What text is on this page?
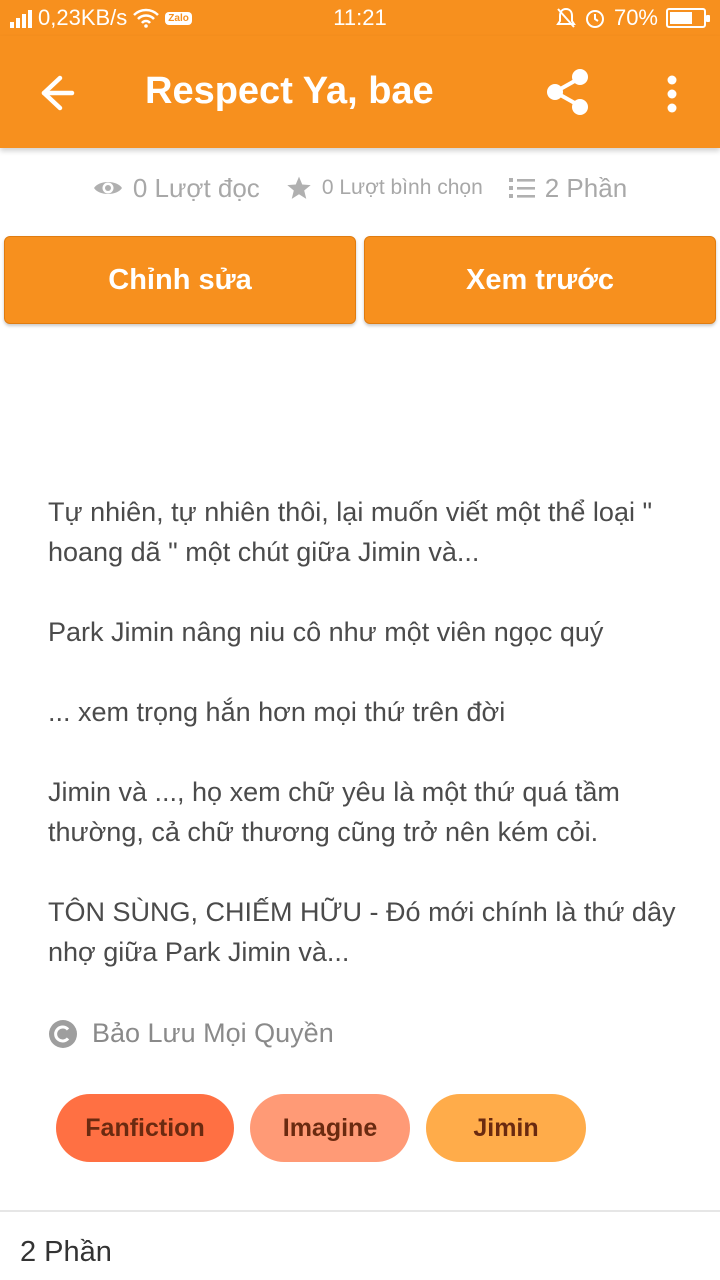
0,23KB/s	Zalo	11:21	70%
Respect Ya, bae
0 Lượt đọc	0 Lượt bình chọn 2 Phần
Chỉnh sửa	Xem trước

Tự nhiên, tự nhiên thôi, lại muốn viết một thể loại " hoang dã " một chút giữa Jimin và...

Park Jimin nâng niu cô như một viên ngọc quý

... xem trọng hắn hơn mọi thứ trên đời

Jimin và ..., họ xem chữ yêu là một thứ quá tầm thường, cả chữ thương cũng trở nên kém cỏi.

TÔN SÙNG, CHIẾM HỮU - Đó mới chính là thứ dây nhợ giữa Park Jimin và...

Bảo Lưu Mọi Quyền
Fanfiction	Imagine	Jimin
2 Phần
